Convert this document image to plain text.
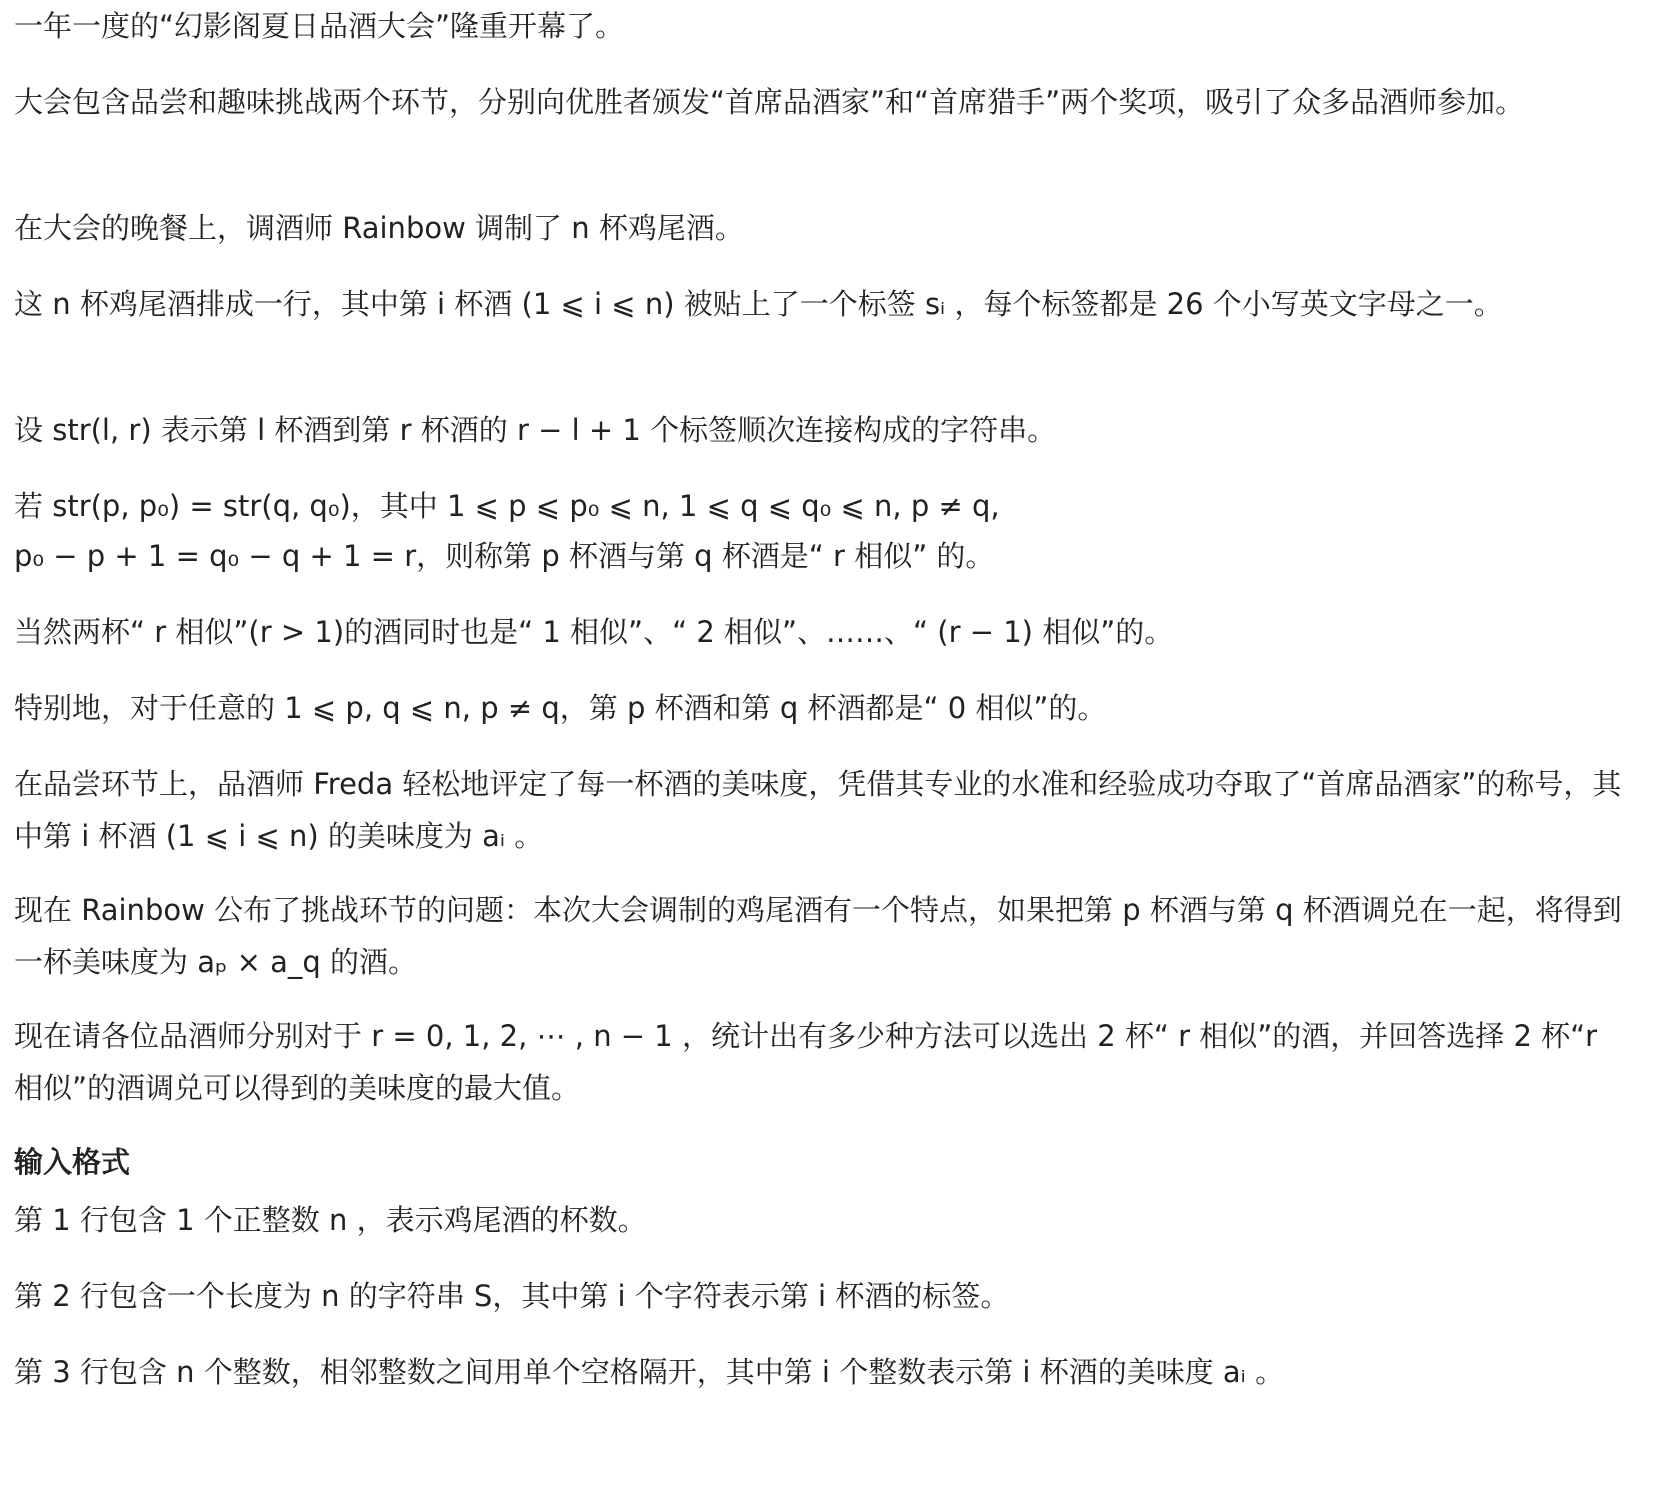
一年一度的“幻影阁夏日品酒大会”隆重开幕了。
大会包含品尝和趣味挑战两个环节，分别向优胜者颁发“首席品酒家”和“首席猎手”两个奖项，吸引了众多品酒师参加。
在大会的晚餐上，调酒师 Rainbow 调制了 n 杯鸡尾酒。
这 n 杯鸡尾酒排成一行，其中第 i 杯酒 (1 ⩽ i ⩽ n) 被贴上了一个标签 sᵢ ，每个标签都是 26 个小写英文字母之一。
设 str(l, r) 表示第 l 杯酒到第 r 杯酒的 r − l + 1 个标签顺次连接构成的字符串。
若 str(p, p₀) = str(q, q₀)，其中 1 ⩽ p ⩽ p₀ ⩽ n, 1 ⩽ q ⩽ q₀ ⩽ n, p ≠ q,
p₀ − p + 1 = q₀ − q + 1 = r，则称第 p 杯酒与第 q 杯酒是“ r 相似” 的。
当然两杯“ r 相似”(r > 1)的酒同时也是“ 1 相似”、“ 2 相似”、……、“ (r − 1) 相似”的。
特别地，对于任意的 1 ⩽ p, q ⩽ n, p ≠ q，第 p 杯酒和第 q 杯酒都是“ 0 相似”的。
在品尝环节上，品酒师 Freda 轻松地评定了每一杯酒的美味度，凭借其专业的水准和经验成功夺取了“首席品酒家”的称号，其中第 i 杯酒 (1 ⩽ i ⩽ n) 的美味度为 aᵢ 。
现在 Rainbow 公布了挑战环节的问题：本次大会调制的鸡尾酒有一个特点，如果把第 p 杯酒与第 q 杯酒调兑在一起，将得到一杯美味度为 aₚ × a_q 的酒。
现在请各位品酒师分别对于 r = 0, 1, 2, ⋯ , n − 1 ，统计出有多少种方法可以选出 2 杯“ r 相似”的酒，并回答选择 2 杯“r 相似”的酒调兑可以得到的美味度的最大值。
输入格式
第 1 行包含 1 个正整数 n ，表示鸡尾酒的杯数。
第 2 行包含一个长度为 n 的字符串 S，其中第 i 个字符表示第 i 杯酒的标签。
第 3 行包含 n 个整数，相邻整数之间用单个空格隔开，其中第 i 个整数表示第 i 杯酒的美味度 aᵢ 。
